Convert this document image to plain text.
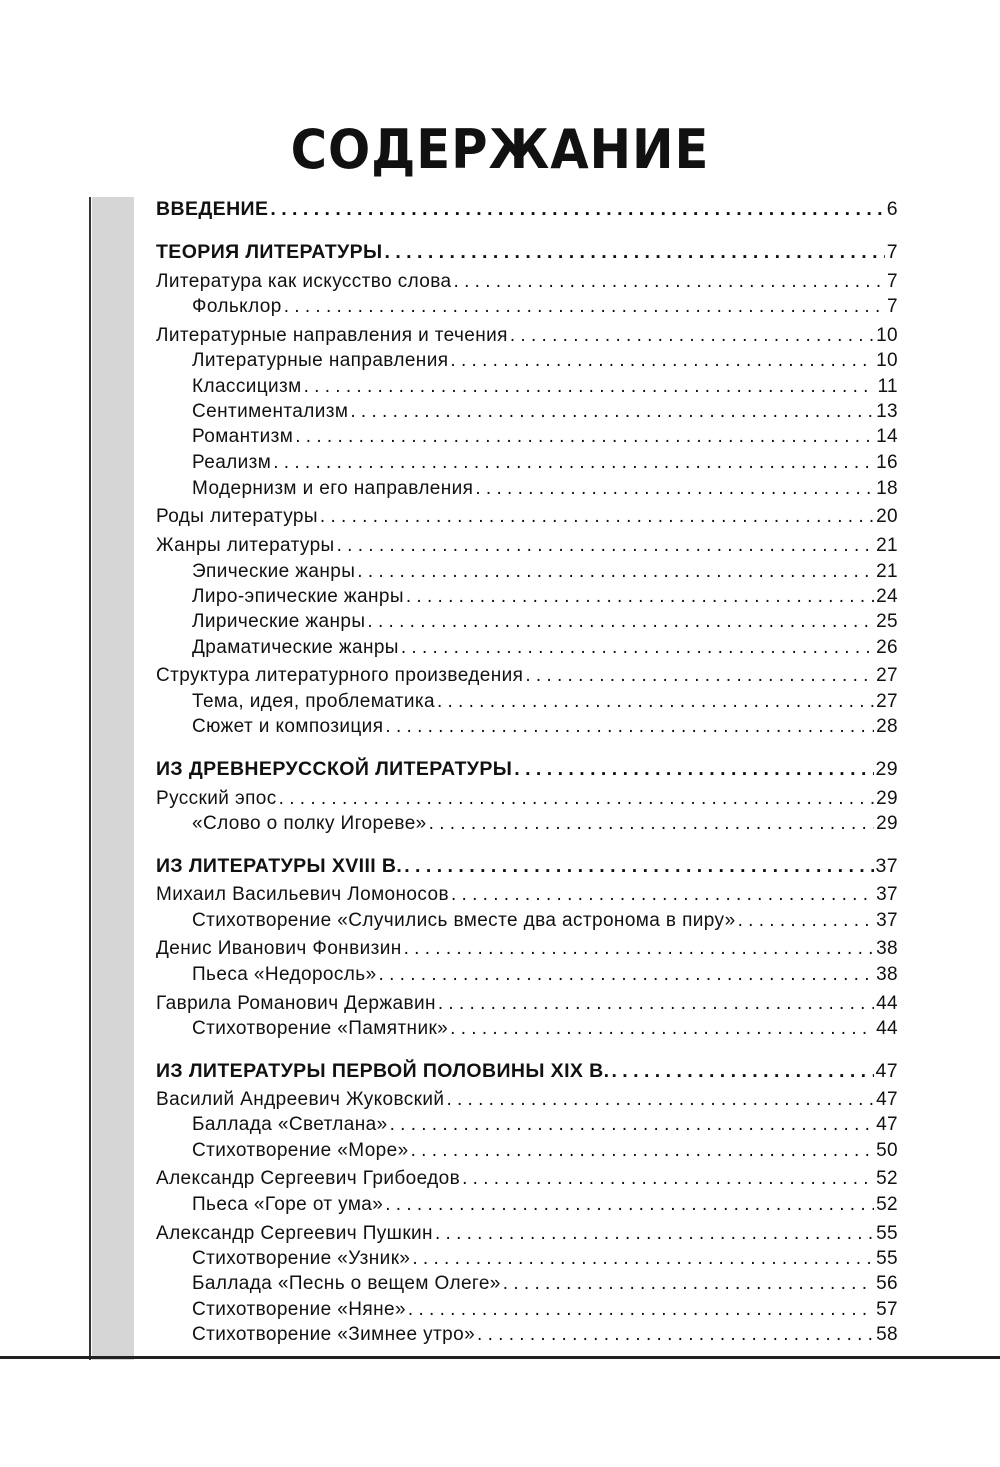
СОДЕРЖАНИЕ
ВВЕДЕНИЕ . . .	6
ТЕОРИЯ ЛИТЕРАТУРЫ . . .	7
Литература как искусство слова . . .	7
Фольклор . . .	7
Литературные направления и течения . . .	10
Литературные направления . . .	10
Классицизм . . .	11
Сентиментализм . . .	13
Романтизм . . .	14
Реализм . . .	16
Модернизм и его направления . . .	18
Роды литературы . . .	20
Жанры литературы . . .	21
Эпические жанры . . .	21
Лиро-эпические жанры . . .	24
Лирические жанры . . .	25
Драматические жанры . . .	26
Структура литературного произведения . . .	27
Тема, идея, проблематика . . .	27
Сюжет и композиция . . .	28
ИЗ ДРЕВНЕРУССКОЙ ЛИТЕРАТУРЫ . . .	29
Русский эпос . . .	29
«Слово о полку Игореве» . . .	29
ИЗ ЛИТЕРАТУРЫ XVIII В. . . .	37
Михаил Васильевич Ломоносов . . .	37
Стихотворение «Случились вместе два астронома в пиру» . . .	37
Денис Иванович Фонвизин . . .	38
Пьеса «Недоросль» . . .	38
Гаврила Романович Державин . . .	44
Стихотворение «Памятник» . . .	44
ИЗ ЛИТЕРАТУРЫ ПЕРВОЙ ПОЛОВИНЫ XIX В. . . .	47
Василий Андреевич Жуковский . . .	47
Баллада «Светлана» . . .	47
Стихотворение «Море» . . .	50
Александр Сергеевич Грибоедов . . .	52
Пьеса «Горе от ума» . . .	52
Александр Сергеевич Пушкин . . .	55
Стихотворение «Узник» . . .	55
Баллада «Песнь о вещем Олеге» . . .	56
Стихотворение «Няне» . . .	57
Стихотворение «Зимнее утро» . . .	58
